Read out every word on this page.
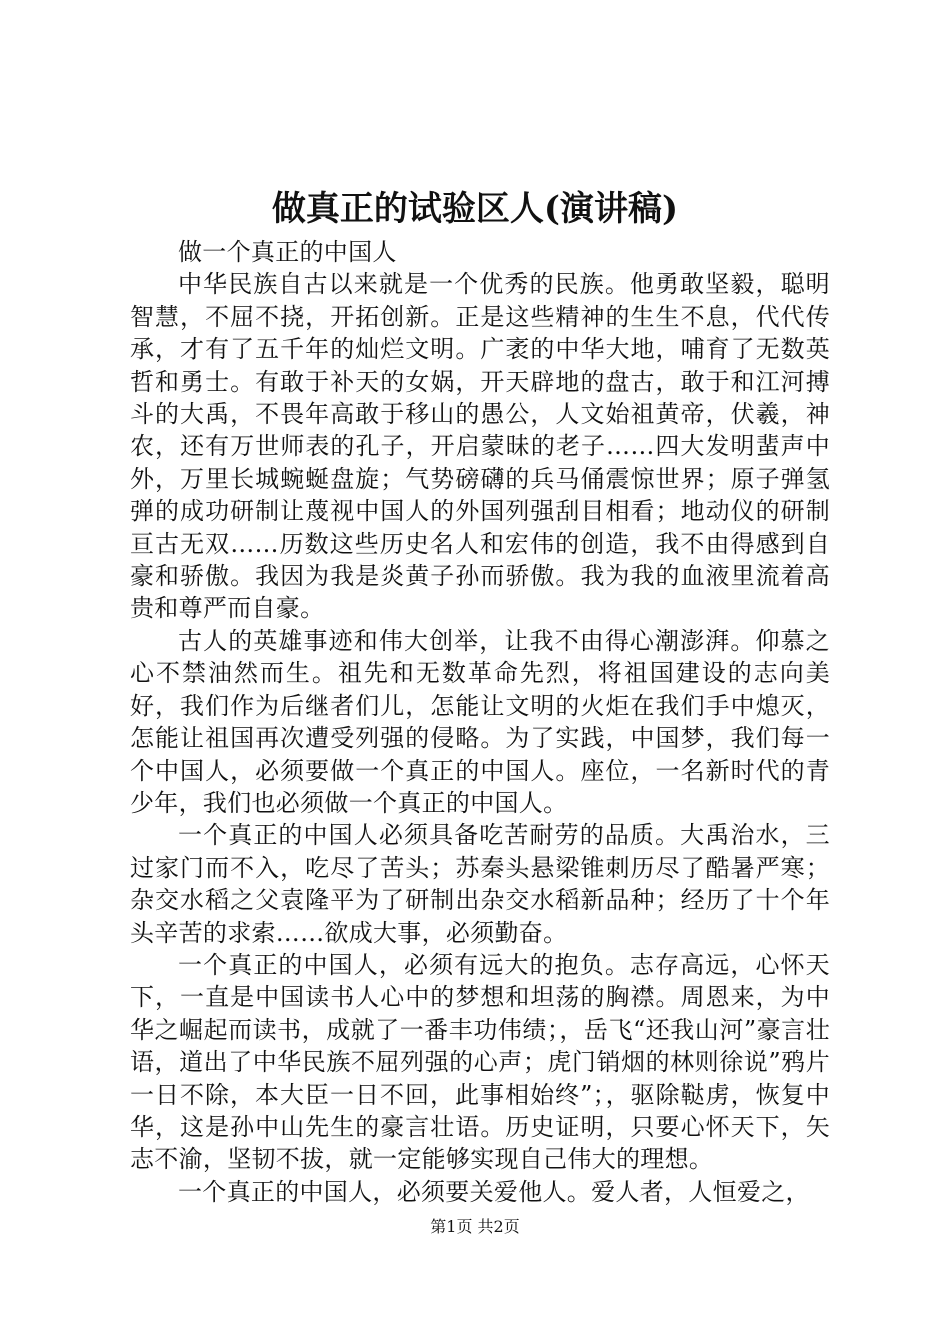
做真正的试验区人(演讲稿)

做一个真正的中国人

中华民族自古以来就是一个优秀的民族。他勇敢坚毅，聪明智慧，不屈不挠，开拓创新。正是这些精神的生生不息，代代传承，才有了五千年的灿烂文明。广袤的中华大地，哺育了无数英哲和勇士。有敢于补天的女娲，开天辟地的盘古，敢于和江河搏斗的大禹，不畏年高敢于移山的愚公，人文始祖黄帝，伏羲，神农，还有万世师表的孔子，开启蒙昧的老子……四大发明蜚声中外，万里长城蜿蜒盘旋；气势磅礴的兵马俑震惊世界；原子弹氢弹的成功研制让蔑视中国人的外国列强刮目相看；地动仪的研制亘古无双……历数这些历史名人和宏伟的创造，我不由得感到自豪和骄傲。我因为我是炎黄子孙而骄傲。我为我的血液里流着高贵和尊严而自豪。

古人的英雄事迹和伟大创举，让我不由得心潮澎湃。仰慕之心不禁油然而生。祖先和无数革命先烈，将祖国建设的志向美好，我们作为后继者们儿，怎能让文明的火炬在我们手中熄灭，怎能让祖国再次遭受列强的侵略。为了实践，中国梦，我们每一个中国人，必须要做一个真正的中国人。座位，一名新时代的青少年，我们也必须做一个真正的中国人。

一个真正的中国人必须具备吃苦耐劳的品质。大禹治水，三过家门而不入，吃尽了苦头；苏秦头悬梁锥刺历尽了酷暑严寒；杂交水稻之父袁隆平为了研制出杂交水稻新品种；经历了十个年头辛苦的求索……欲成大事，必须勤奋。

一个真正的中国人，必须有远大的抱负。志存高远，心怀天下，一直是中国读书人心中的梦想和坦荡的胸襟。周恩来，为中华之崛起而读书，成就了一番丰功伟绩；，岳飞“还我山河”豪言壮语，道出了中华民族不屈列强的心声；虎门销烟的林则徐说”鸦片一日不除，本大臣一日不回，此事相始终”；，驱除鞑虏，恢复中华，这是孙中山先生的豪言壮语。历史证明，只要心怀天下，矢志不渝，坚韧不拔，就一定能够实现自己伟大的理想。

一个真正的中国人，必须要关爱他人。爱人者，人恒爱之，

第1页 共2页
